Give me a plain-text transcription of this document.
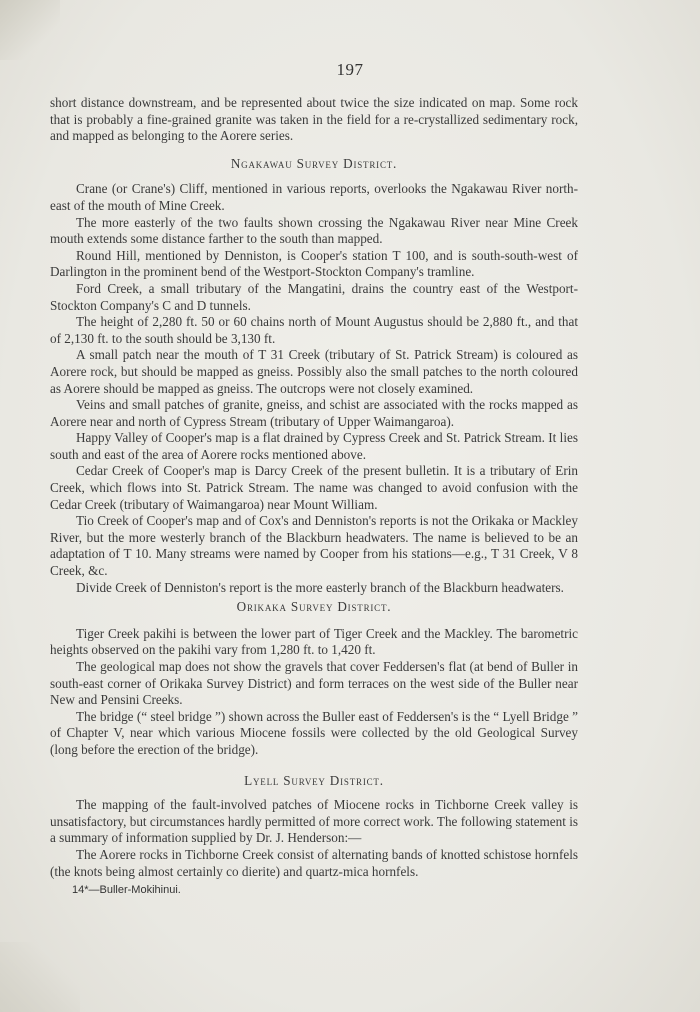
197

short distance downstream, and be represented about twice the size indicated on map. Some rock that is probably a fine-grained granite was taken in the field for a re-crystallized sedimentary rock, and mapped as belonging to the Aorere series.

Ngakawau Survey District.

Crane (or Crane's) Cliff, mentioned in various reports, overlooks the Ngakawau River north-east of the mouth of Mine Creek.

The more easterly of the two faults shown crossing the Ngakawau River near Mine Creek mouth extends some distance farther to the south than mapped.

Round Hill, mentioned by Denniston, is Cooper's station T 100, and is south-south-west of Darlington in the prominent bend of the Westport-Stockton Company's tramline.

Ford Creek, a small tributary of the Mangatini, drains the country east of the Westport-Stockton Company's C and D tunnels.

The height of 2,280 ft. 50 or 60 chains north of Mount Augustus should be 2,880 ft., and that of 2,130 ft. to the south should be 3,130 ft.

A small patch near the mouth of T 31 Creek (tributary of St. Patrick Stream) is coloured as Aorere rock, but should be mapped as gneiss. Possibly also the small patches to the north coloured as Aorere should be mapped as gneiss. The outcrops were not closely examined.

Veins and small patches of granite, gneiss, and schist are associated with the rocks mapped as Aorere near and north of Cypress Stream (tributary of Upper Waimangaroa).

Happy Valley of Cooper's map is a flat drained by Cypress Creek and St. Patrick Stream. It lies south and east of the area of Aorere rocks mentioned above.

Cedar Creek of Cooper's map is Darcy Creek of the present bulletin. It is a tributary of Erin Creek, which flows into St. Patrick Stream. The name was changed to avoid confusion with the Cedar Creek (tributary of Waimangaroa) near Mount William.

Tio Creek of Cooper's map and of Cox's and Denniston's reports is not the Orikaka or Mackley River, but the more westerly branch of the Blackburn headwaters. The name is believed to be an adaptation of T 10. Many streams were named by Cooper from his stations—e.g., T 31 Creek, V 8 Creek, &c.

Divide Creek of Denniston's report is the more easterly branch of the Blackburn headwaters.

Orikaka Survey District.

Tiger Creek pakihi is between the lower part of Tiger Creek and the Mackley. The barometric heights observed on the pakihi vary from 1,280 ft. to 1,420 ft.

The geological map does not show the gravels that cover Feddersen's flat (at bend of Buller in south-east corner of Orikaka Survey District) and form terraces on the west side of the Buller near New and Pensini Creeks.

The bridge (“ steel bridge ”) shown across the Buller east of Feddersen's is the “ Lyell Bridge ” of Chapter V, near which various Miocene fossils were collected by the old Geological Survey (long before the erection of the bridge).

Lyell Survey District.

The mapping of the fault-involved patches of Miocene rocks in Tichborne Creek valley is unsatisfactory, but circumstances hardly permitted of more correct work. The following statement is a summary of information supplied by Dr. J. Henderson:—

The Aorere rocks in Tichborne Creek consist of alternating bands of knotted schistose hornfels (the knots being almost certainly co dierite) and quartz-mica hornfels.

14*—Buller-Mokihinui.
